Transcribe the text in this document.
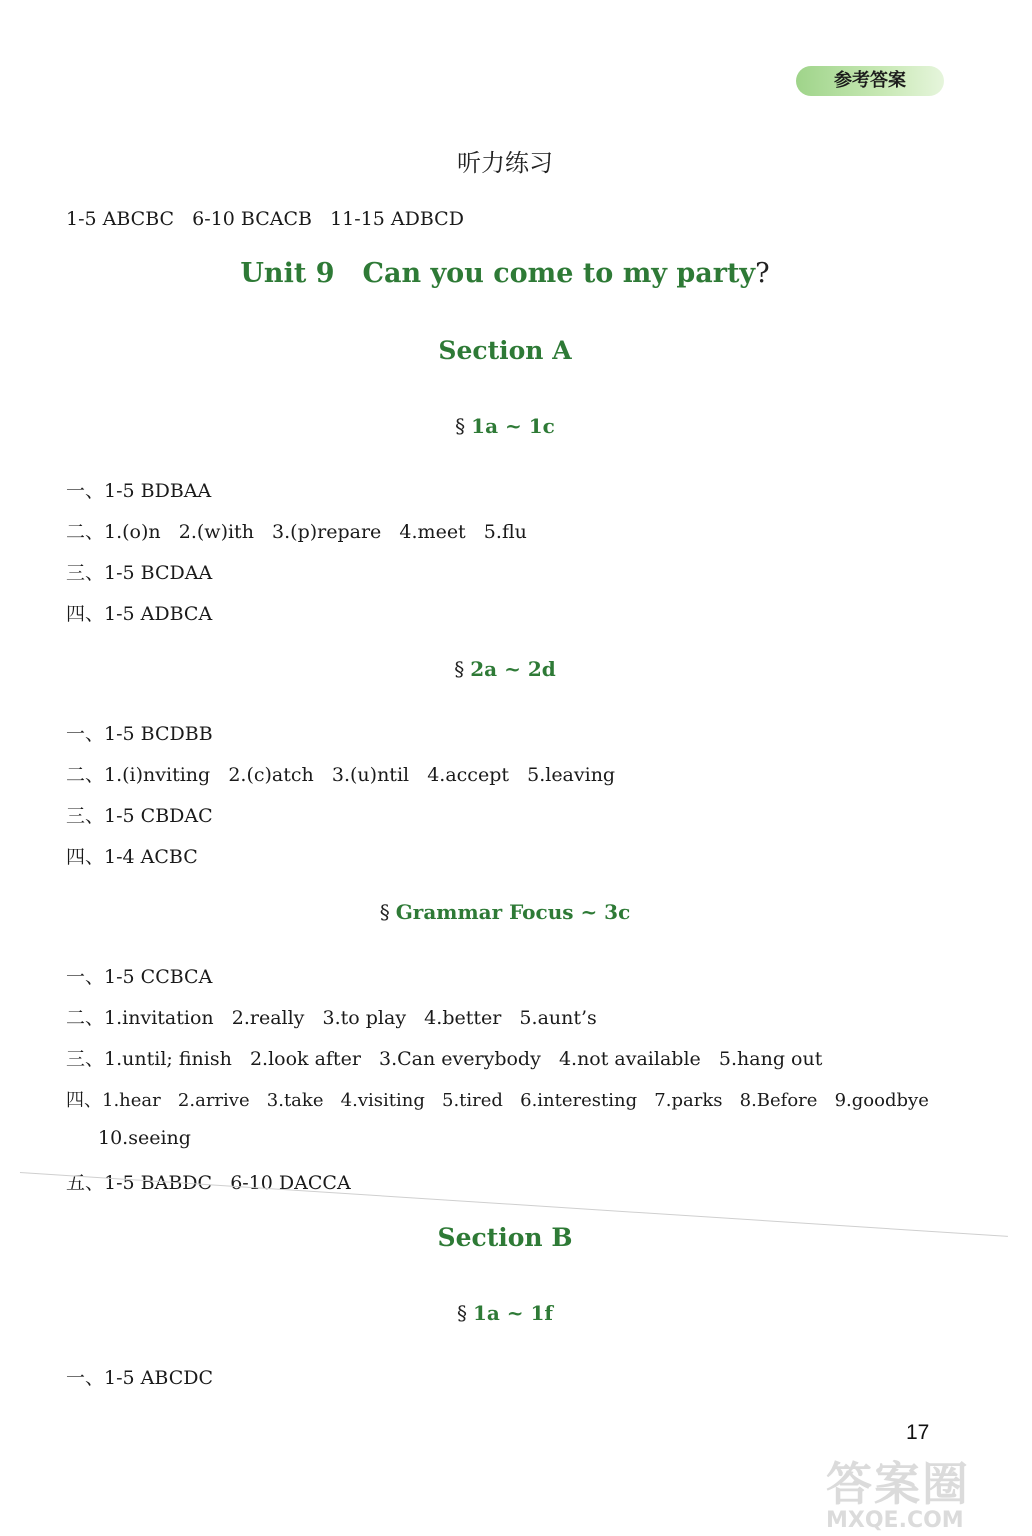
参考答案
听力练习
1-5 ABCBC   6-10 BCACB   11-15 ADBCD
Unit 9 Can you come to my party?
Section A
§ 1a ~ 1c
一、1-5 BDBAA
二、1.(o)n   2.(w)ith   3.(p)repare   4.meet   5.flu
三、1-5 BCDAA
四、1-5 ADBCA
§ 2a ~ 2d
一、1-5 BCDBB
二、1.(i)nviting   2.(c)atch   3.(u)ntil   4.accept   5.leaving
三、1-5 CBDAC
四、1-4 ACBC
§ Grammar Focus ~ 3c
一、1-5 CCBCA
二、1.invitation   2.really   3.to play   4.better   5.aunt’s
三、1.until; finish   2.look after   3.Can everybody   4.not available   5.hang out
四、1.hear   2.arrive   3.take   4.visiting   5.tired   6.interesting   7.parks   8.Before   9.goodbye
10.seeing
五、1-5 BABDC   6-10 DACCA
Section B
§ 1a ~ 1f
一、1-5 ABCDC
17
答案圈
MXQE.COM
